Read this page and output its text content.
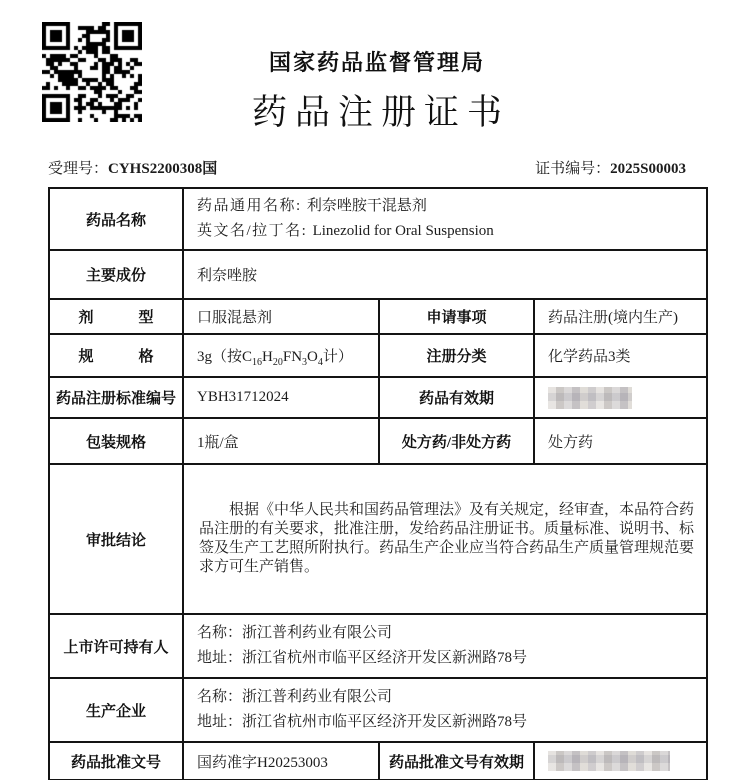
国家药品监督管理局
药品注册证书
受理号：CYHS2200308国	证书编号：2025S00003
药品名称	药品通用名称: 利奈唑胺干混悬剂
英文名/拉丁名: Linezolid for Oral Suspension		

主要成份	利奈唑胺		
剂　　　型	口服混悬剂	申请事项	药品注册(境内生产)
规　　　格	3g（按$C_{16}H_{20}FN_3O_4$计）	注册分类	化学药品3类
药品注册标准编号	YBH31712024	药品有效期	

包装规格	1瓶/盒	处方药/非处方药	处方药
审批结论	根据《中华人民共和国药品管理法》及有关规定，经审查，本品符合药品注册的有关要求，批准注册，发给药品注册证书。质量标准、说明书、标签及生产工艺照所附执行。药品生产企业应当符合药品生产质量管理规范要求方可生产销售。		

上市许可持有人	名称：浙江普利药业有限公司
地址：浙江省杭州市临平区经济开发区新洲路78号		

生产企业	名称：浙江普利药业有限公司
地址：浙江省杭州市临平区经济开发区新洲路78号		

药品批准文号	国药准字H20253003	药品批准文号有效期	
